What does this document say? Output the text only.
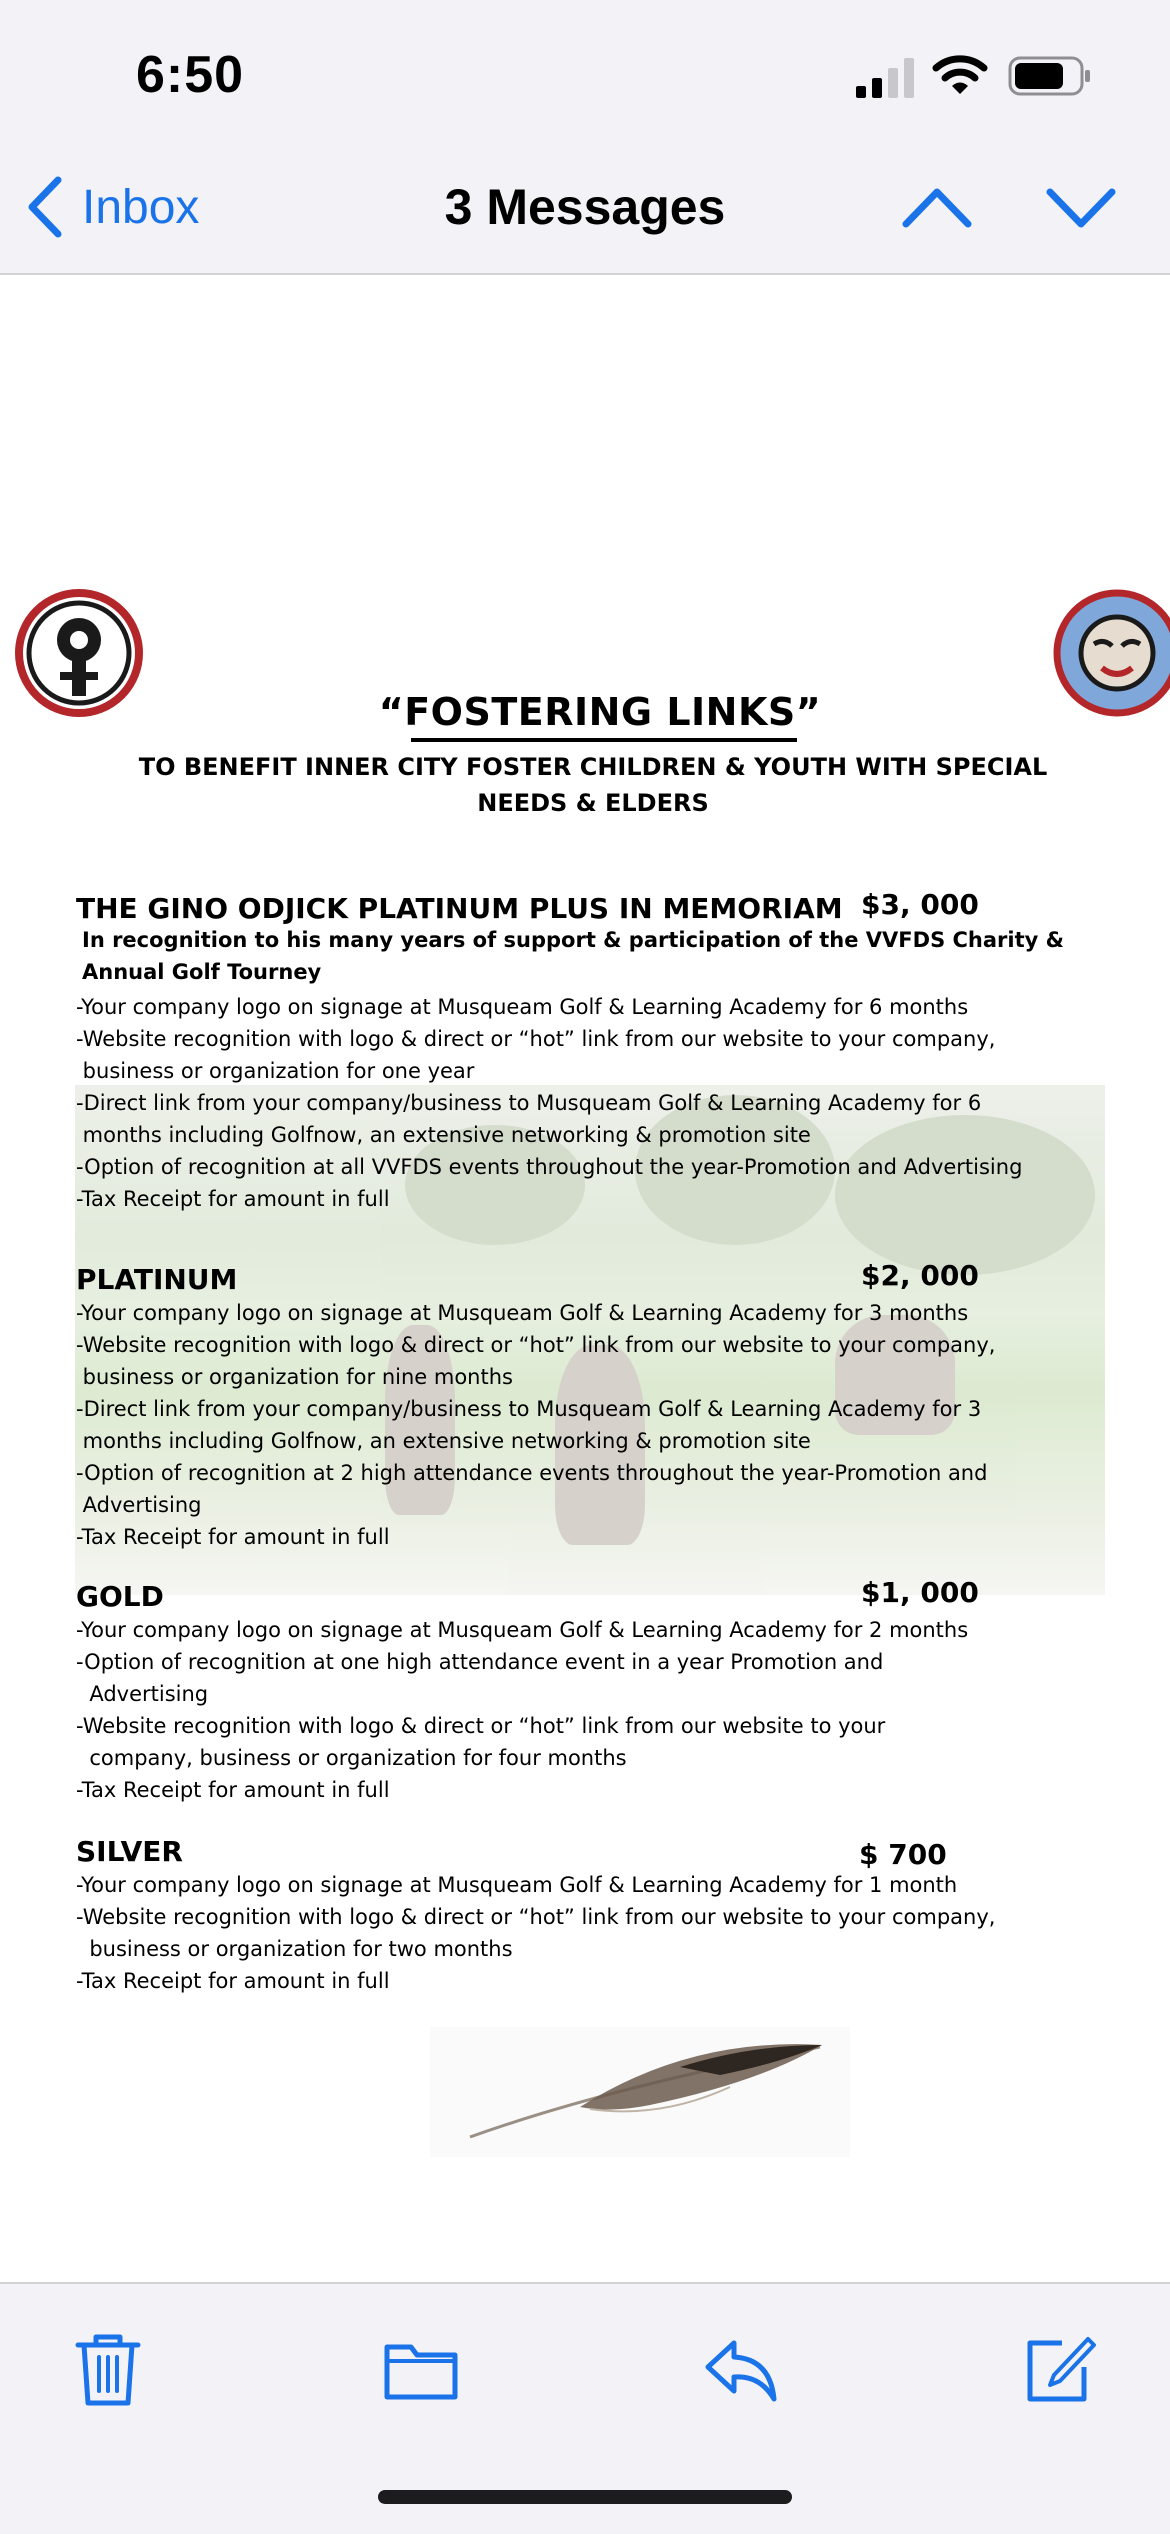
6:50
Inbox	3 Messages
“FOSTERING LINKS”
TO BENEFIT INNER CITY FOSTER CHILDREN & YOUTH WITH SPECIAL NEEDS & ELDERS
THE GINO ODJICK PLATINUM PLUS IN MEMORIAM $3, 000
In recognition to his many years of support & participation of the VVFDS Charity & Annual Golf Tourney
-Your company logo on signage at Musqueam Golf & Learning Academy for 6 months
-Website recognition with logo & direct or “hot” link from our website to your company,
business or organization for one year
-Direct link from your company/business to Musqueam Golf & Learning Academy for 6
months including Golfnow, an extensive networking & promotion site
-Option of recognition at all VVFDS events throughout the year-Promotion and Advertising
-Tax Receipt for amount in full
PLATINUM	$2, 000
-Your company logo on signage at Musqueam Golf & Learning Academy for 3 months
-Website recognition with logo & direct or “hot” link from our website to your company,
business or organization for nine months
-Direct link from your company/business to Musqueam Golf & Learning Academy for 3
months including Golfnow, an extensive networking & promotion site
-Option of recognition at 2 high attendance events throughout the year-Promotion and
Advertising
-Tax Receipt for amount in full
GOLD	$1, 000
-Your company logo on signage at Musqueam Golf & Learning Academy for 2 months
-Option of recognition at one high attendance event in a year Promotion and
Advertising
-Website recognition with logo & direct or “hot” link from our website to your
company, business or organization for four months
-Tax Receipt for amount in full
SILVER	$ 700
-Your company logo on signage at Musqueam Golf & Learning Academy for 1 month
-Website recognition with logo & direct or “hot” link from our website to your company,
business or organization for two months
-Tax Receipt for amount in full
